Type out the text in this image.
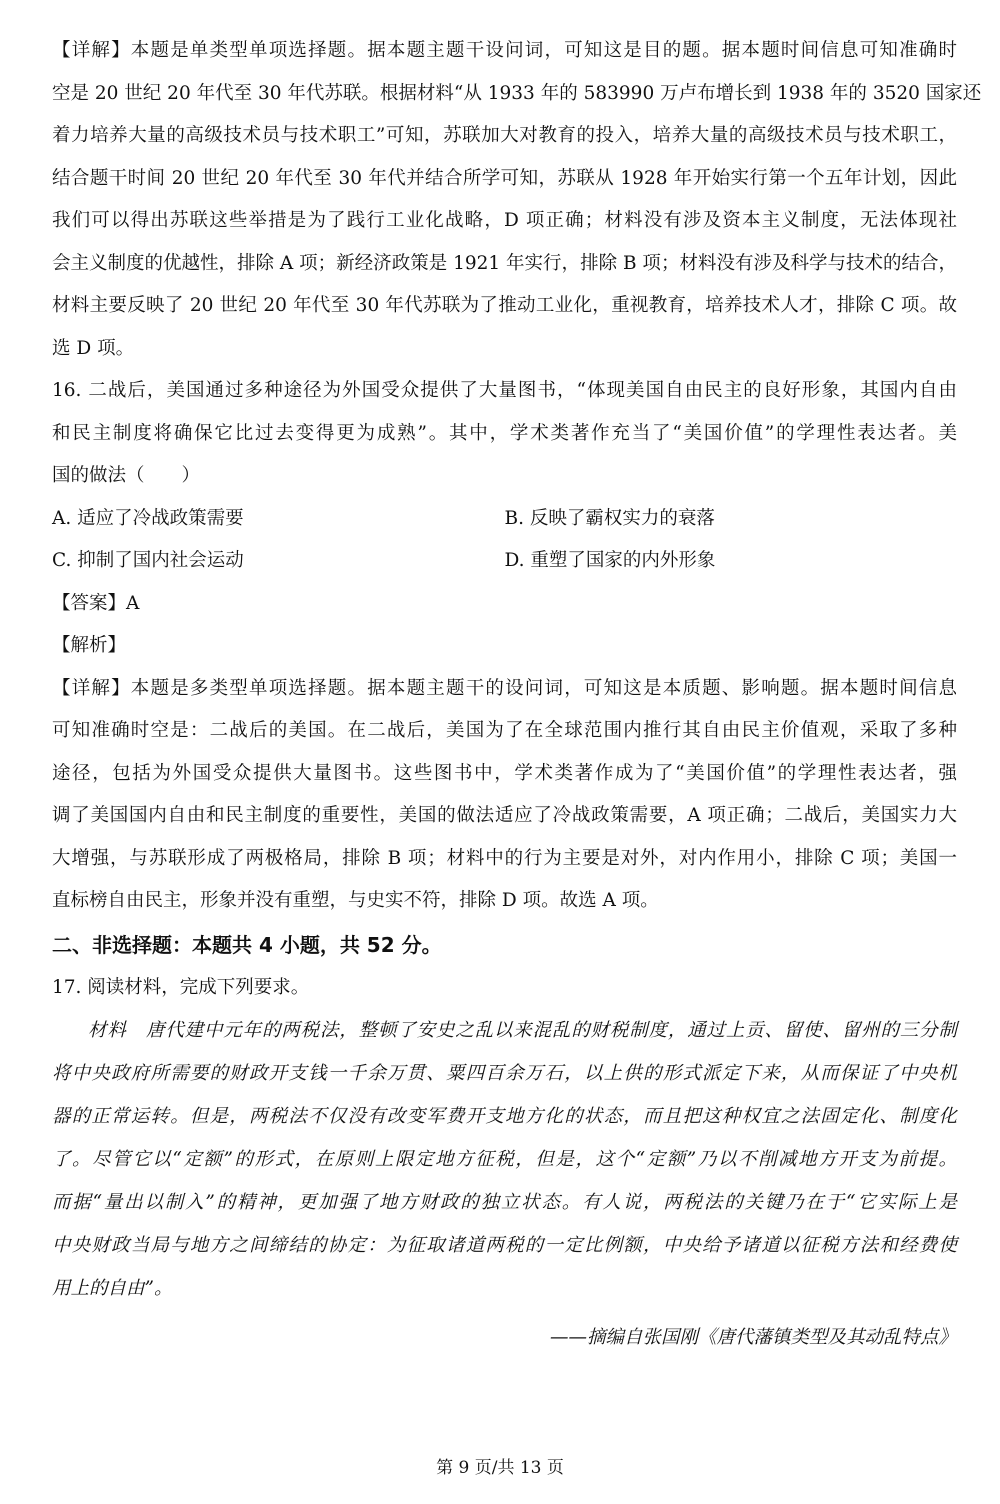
【详解】本题是单类型单项选择题。据本题主题干设问词，可知这是目的题。据本题时间信息可知准确时
空是 20 世纪 20 年代至 30 年代苏联。根据材料“从 1933 年的 583990 万卢布增长到 1938 年的 3520 国家还
着力培养大量的高级技术员与技术职工”可知，苏联加大对教育的投入，培养大量的高级技术员与技术职工，
结合题干时间 20 世纪 20 年代至 30 年代并结合所学可知，苏联从 1928 年开始实行第一个五年计划，因此
我们可以得出苏联这些举措是为了践行工业化战略，D 项正确；材料没有涉及资本主义制度，无法体现社
会主义制度的优越性，排除 A 项；新经济政策是 1921 年实行，排除 B 项；材料没有涉及科学与技术的结合，
材料主要反映了 20 世纪 20 年代至 30 年代苏联为了推动工业化，重视教育，培养技术人才，排除 C 项。故
选 D 项。
16. 二战后，美国通过多种途径为外国受众提供了大量图书，“体现美国自由民主的良好形象，其国内自由
和民主制度将确保它比过去变得更为成熟”。其中，学术类著作充当了“美国价值”的学理性表达者。美
国的做法（　　）
A. 适应了冷战政策需要	B. 反映了霸权实力的衰落
C. 抑制了国内社会运动	D. 重塑了国家的内外形象
【答案】A
【解析】
【详解】本题是多类型单项选择题。据本题主题干的设问词，可知这是本质题、影响题。据本题时间信息
可知准确时空是：二战后的美国。在二战后，美国为了在全球范围内推行其自由民主价值观，采取了多种
途径，包括为外国受众提供大量图书。这些图书中，学术类著作成为了“美国价值”的学理性表达者，强
调了美国国内自由和民主制度的重要性，美国的做法适应了冷战政策需要，A 项正确；二战后，美国实力大
大增强，与苏联形成了两极格局，排除 B 项；材料中的行为主要是对外，对内作用小，排除 C 项；美国一
直标榜自由民主，形象并没有重塑，与史实不符，排除 D 项。故选 A 项。

二、非选择题：本题共 4 小题，共 52 分。

17. 阅读材料，完成下列要求。
材料　唐代建中元年的两税法，整顿了安史之乱以来混乱的财税制度，通过上贡、留使、留州的三分制
将中央政府所需要的财政开支钱一千余万贯、粟四百余万石，以上供的形式派定下来，从而保证了中央机
器的正常运转。但是，两税法不仅没有改变军费开支地方化的状态，而且把这种权宜之法固定化、制度化
了。尽管它以“定额”的形式，在原则上限定地方征税，但是，这个“定额”乃以不削减地方开支为前提。
而据“量出以制入”的精神，更加强了地方财政的独立状态。有人说，两税法的关键乃在于“它实际上是
中央财政当局与地方之间缔结的协定：为征取诸道两税的一定比例额，中央给予诸道以征税方法和经费使
用上的自由”。

——摘编自张国刚《唐代藩镇类型及其动乱特点》

第 9 页/共 13 页
